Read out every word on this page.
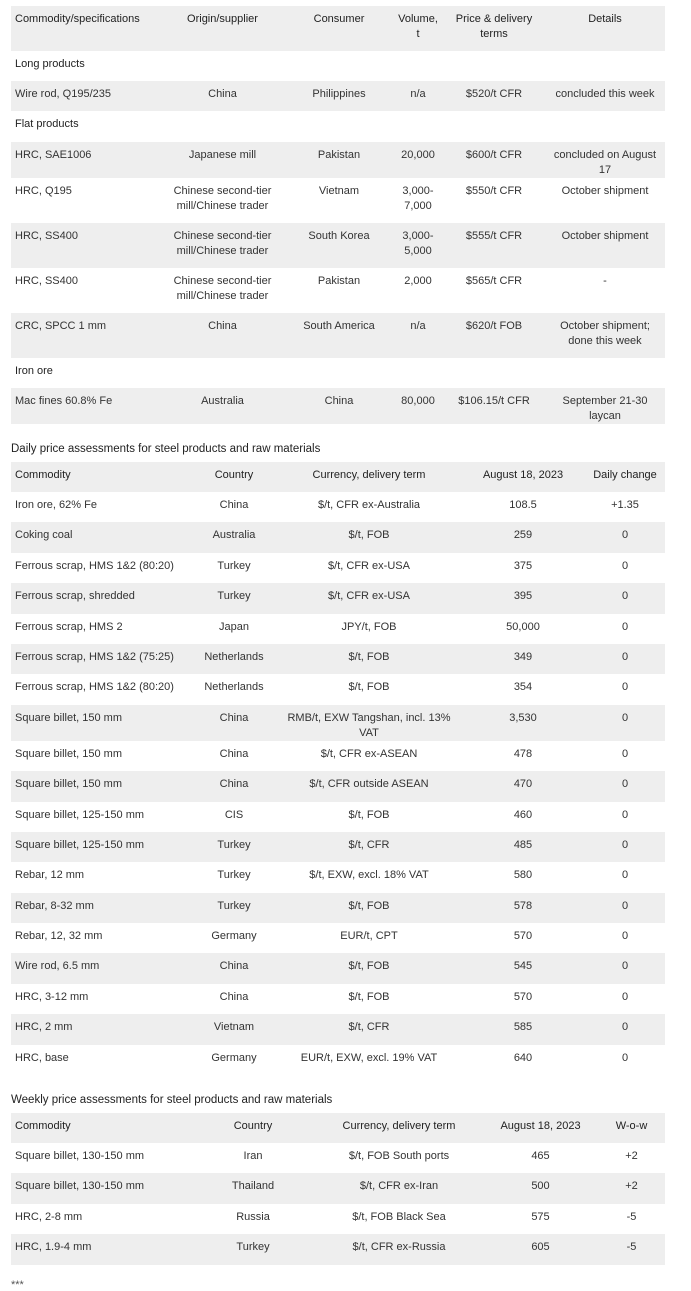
Commodity/specifications	Origin/supplier	Consumer	Volume, t	Price & delivery terms	Details
Long products					
Wire rod, Q195/235	China	Philippines	n/a	$520/t CFR	concluded this week
Flat products					
HRC, SAE1006	Japanese mill	Pakistan	20,000	$600/t CFR	concluded on August 17
HRC, Q195	Chinese second-tier mill/Chinese trader	Vietnam	3,000-7,000	$550/t CFR	October shipment
HRC, SS400	Chinese second-tier mill/Chinese trader	South Korea	3,000-5,000	$555/t CFR	October shipment
HRC, SS400	Chinese second-tier mill/Chinese trader	Pakistan	2,000	$565/t CFR	-
CRC, SPCC 1 mm	China	South America	n/a	$620/t FOB	October shipment; done this week
Iron ore					
Mac fines 60.8% Fe	Australia	China	80,000	$106.15/t CFR	September 21-30 laycan
Daily price assessments for steel products and raw materials
Commodity	Country	Currency, delivery term	August 18, 2023	Daily change
Iron ore, 62% Fe	China	$/t, CFR ex-Australia	108.5	+1.35
Coking coal	Australia	$/t, FOB	259	0
Ferrous scrap, HMS 1&2 (80:20)	Turkey	$/t, CFR ex-USA	375	0
Ferrous scrap, shredded	Turkey	$/t, CFR ex-USA	395	0
Ferrous scrap, HMS 2	Japan	JPY/t, FOB	50,000	0
Ferrous scrap, HMS 1&2 (75:25)	Netherlands	$/t, FOB	349	0
Ferrous scrap, HMS 1&2 (80:20)	Netherlands	$/t, FOB	354	0
Square billet, 150 mm	China	RMB/t, EXW Tangshan, incl. 13% VAT	3,530	0
Square billet, 150 mm	China	$/t, CFR ex-ASEAN	478	0
Square billet, 150 mm	China	$/t, CFR outside ASEAN	470	0
Square billet, 125-150 mm	CIS	$/t, FOB	460	0
Square billet, 125-150 mm	Turkey	$/t, CFR	485	0
Rebar, 12 mm	Turkey	$/t, EXW, excl. 18% VAT	580	0
Rebar, 8-32 mm	Turkey	$/t, FOB	578	0
Rebar, 12, 32 mm	Germany	EUR/t, CPT	570	0
Wire rod, 6.5 mm	China	$/t, FOB	545	0
HRC, 3-12 mm	China	$/t, FOB	570	0
HRC, 2 mm	Vietnam	$/t, CFR	585	0
HRC, base	Germany	EUR/t, EXW, excl. 19% VAT	640	0
Weekly price assessments for steel products and raw materials
Commodity	Country	Currency, delivery term	August 18, 2023	W-o-w
Square billet, 130-150 mm	Iran	$/t, FOB South ports	465	+2
Square billet, 130-150 mm	Thailand	$/t, CFR ex-Iran	500	+2
HRC, 2-8 mm	Russia	$/t, FOB Black Sea	575	-5
HRC, 1.9-4 mm	Turkey	$/t, CFR ex-Russia	605	-5
***
